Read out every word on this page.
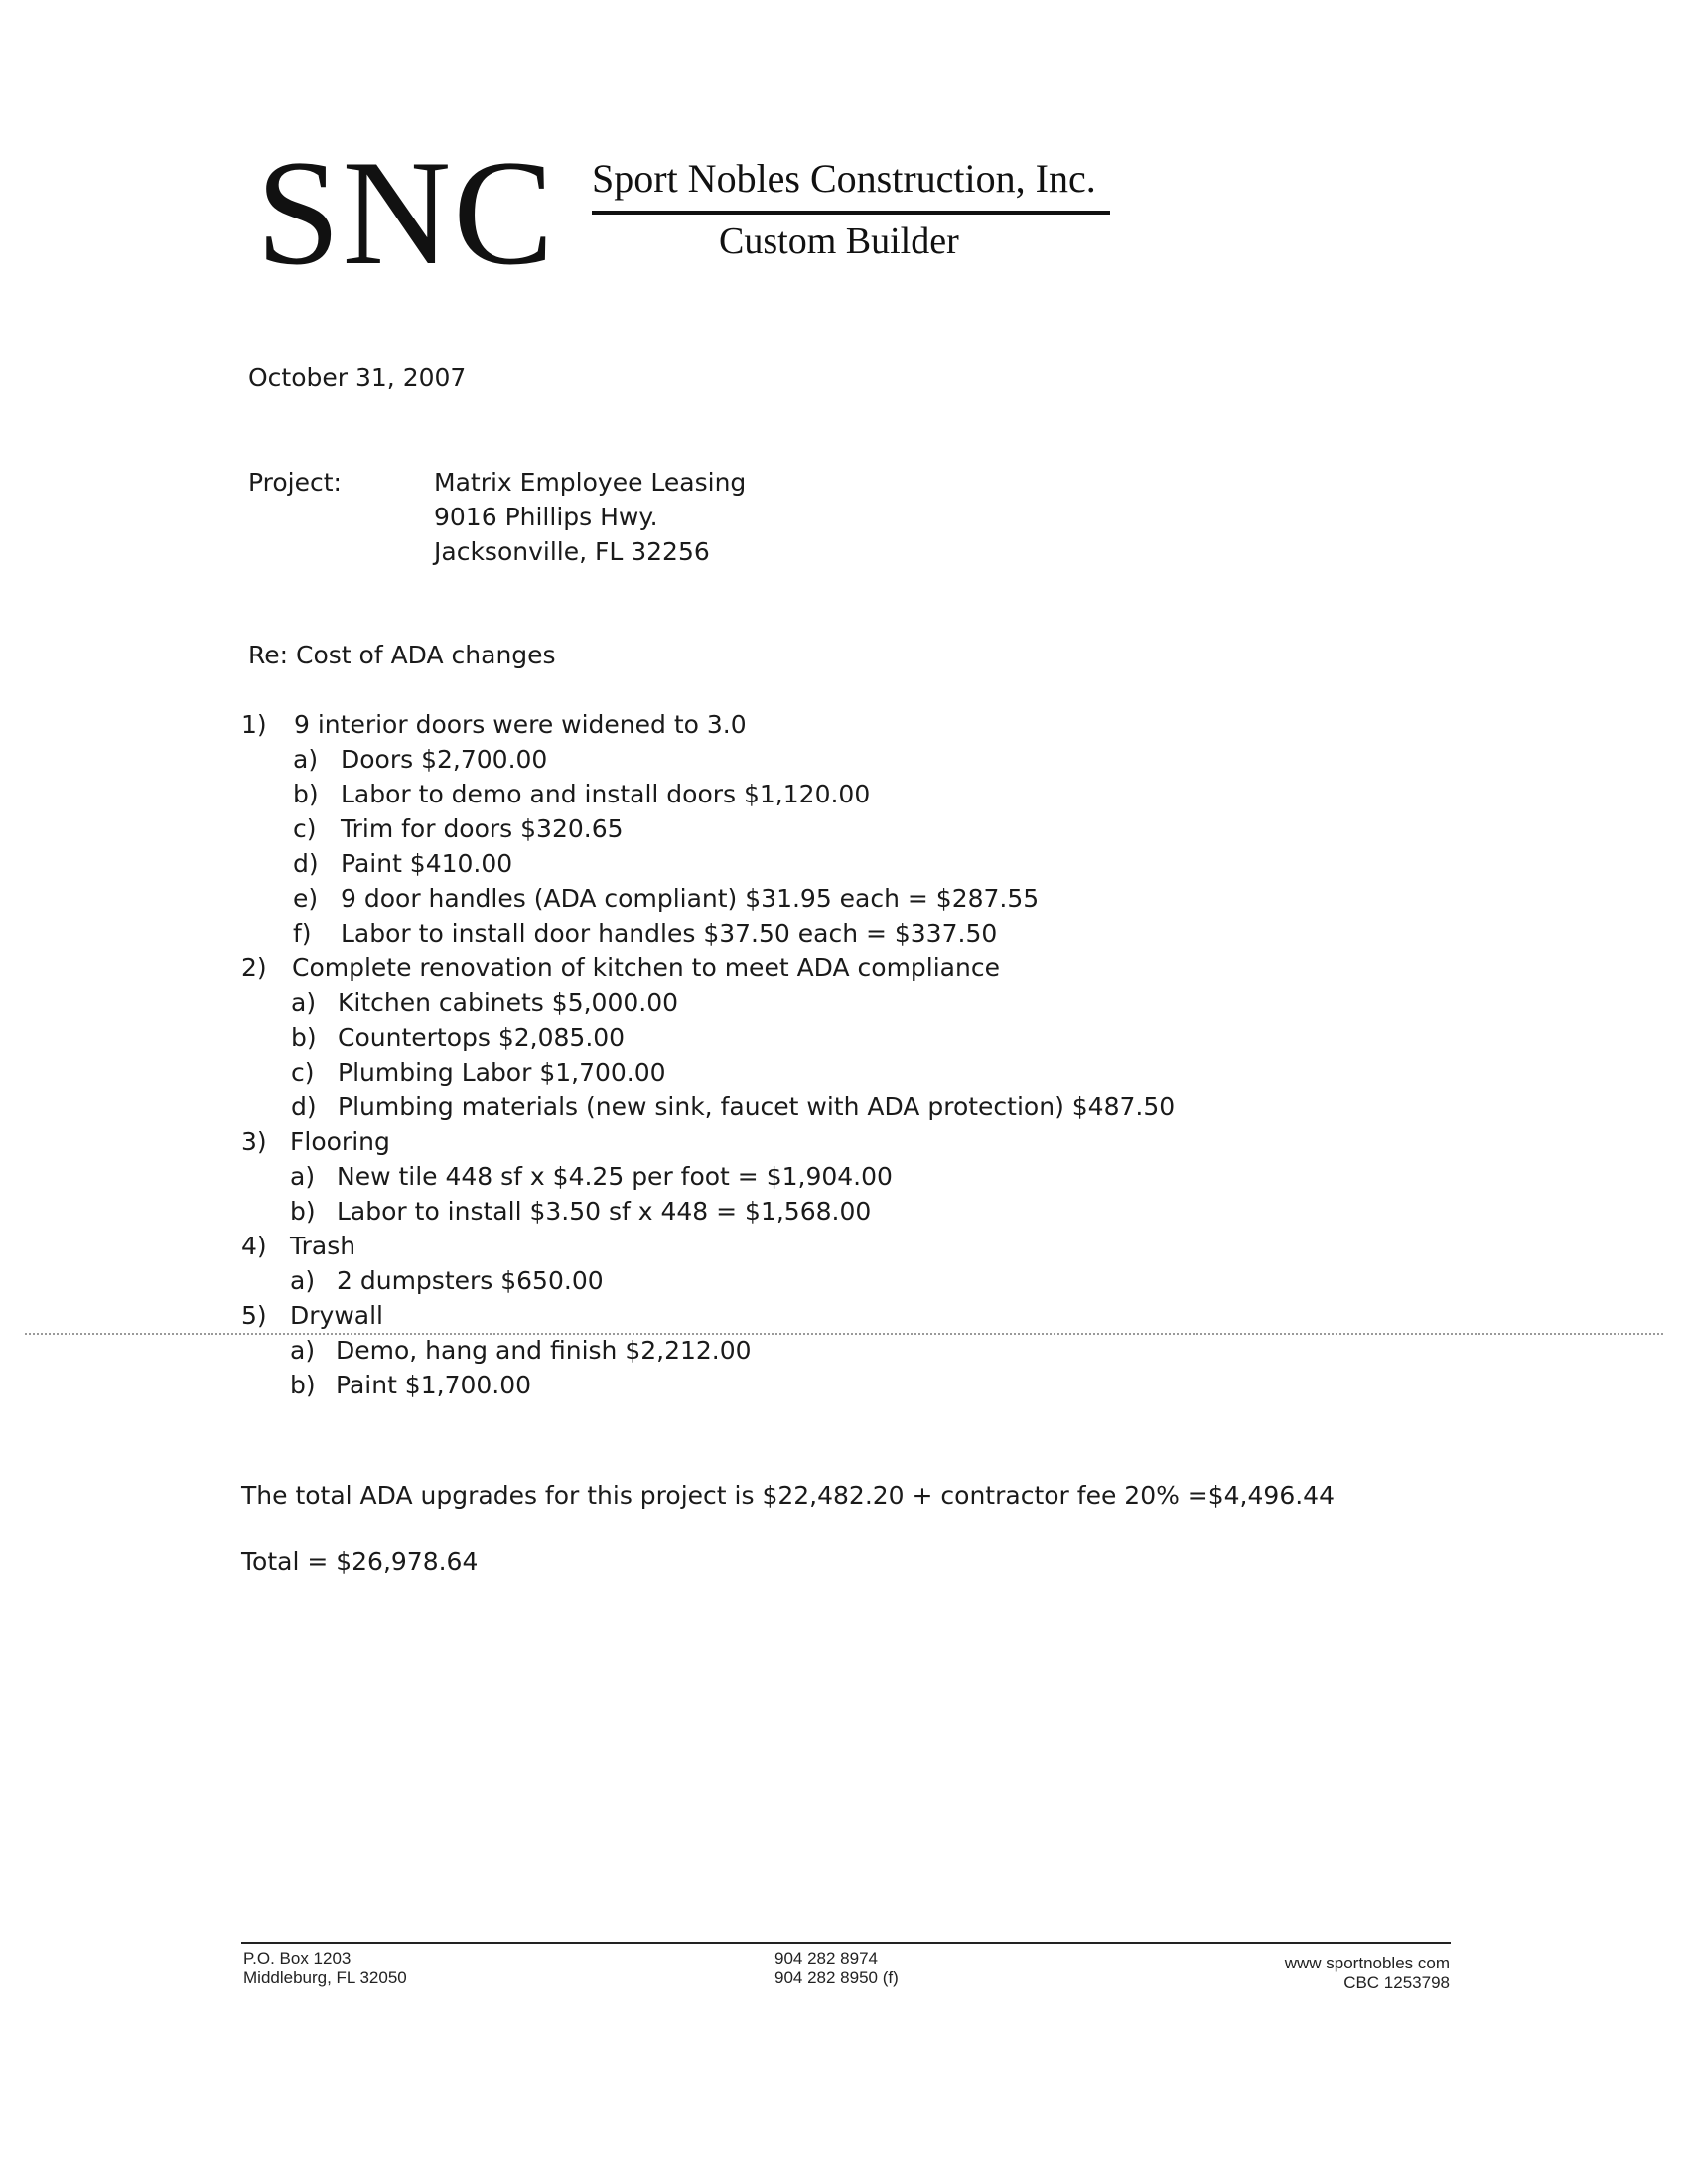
SNC Sport Nobles Construction, Inc.
Custom Builder
October 31, 2007
Project:	Matrix Employee Leasing
9016 Phillips Hwy.
Jacksonville, FL 32256
Re: Cost of ADA changes
1) 9 interior doors were widened to 3.0
a) Doors $2,700.00
b) Labor to demo and install doors $1,120.00
c) Trim for doors $320.65
d) Paint $410.00
e) 9 door handles (ADA compliant) $31.95 each = $287.55
f) Labor to install door handles $37.50 each = $337.50
2) Complete renovation of kitchen to meet ADA compliance
a) Kitchen cabinets $5,000.00
b) Countertops $2,085.00
c) Plumbing Labor $1,700.00
d) Plumbing materials (new sink, faucet with ADA protection) $487.50
3) Flooring
a) New tile 448 sf x $4.25 per foot = $1,904.00
b) Labor to install $3.50 sf x 448 = $1,568.00
4) Trash
a) 2 dumpsters $650.00
5) Drywall
a) Demo, hang and finish $2,212.00
b) Paint $1,700.00
The total ADA upgrades for this project is $22,482.20 + contractor fee 20% =$4,496.44
Total = $26,978.64
P.O. Box 1203
Middleburg, FL 32050
904 282 8974
904 282 8950 (f)
www sportnobles com
CBC 1253798
